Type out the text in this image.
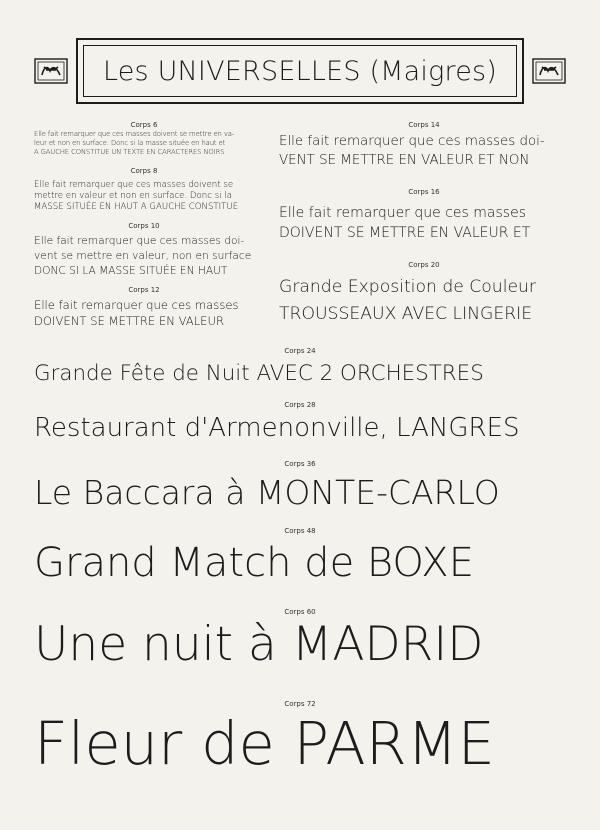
Les UNIVERSELLES (Maigres)
Corps 6
Elle fait remarquer que ces masses doivent se mettre en va-
leur et non en surface. Donc si la masse située en haut et
A GAUCHE CONSTITUE UN TEXTE EN CARACTERES NOIRS
Corps 8
Elle fait remarquer que ces masses doivent se
mettre en valeur et non en surface. Donc si la
MASSE SITUÉE EN HAUT A GAUCHE CONSTITUE
Corps 10
Elle fait remarquer que ces masses doi-
vent se mettre en valeur, non en surface
DONC SI LA MASSE SITUÉE EN HAUT
Corps 12
Elle fait remarquer que ces masses
DOIVENT SE METTRE EN VALEUR
Corps 14
Elle fait remarquer que ces masses doi-
VENT SE METTRE EN VALEUR ET NON
Corps 16
Elle fait remarquer que ces masses
DOIVENT SE METTRE EN VALEUR ET
Corps 20
Grande Exposition de Couleur
TROUSSEAUX AVEC LINGERIE
Corps 24
Grande Fête de Nuit AVEC 2 ORCHESTRES
Corps 28
Restaurant d'Armenonville, LANGRES
Corps 36
Le Baccara à MONTE-CARLO
Corps 48
Grand Match de BOXE
Corps 60
Une nuit à MADRID
Corps 72
Fleur de PARME
